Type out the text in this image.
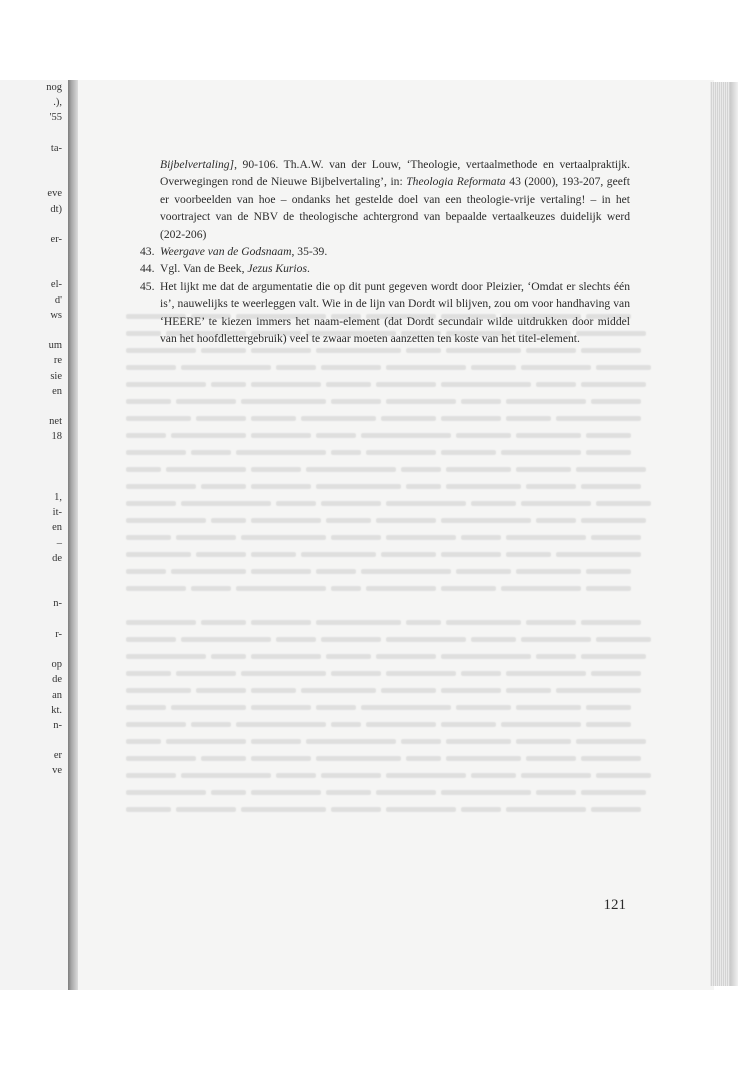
nog
.),
'55
ta-
eve
dt)
er-
el-
d'
ws
um
re
sie
en
net
18
1,
it-
en
–
de
n-
r-
op
de
an
kt.
n-
er
ve
Bijbelvertaling], 90-106. Th.A.W. van der Louw, ‘Theologie, vertaalmethode en vertaalpraktijk. Overwegingen rond de Nieuwe Bijbelvertaling’, in: Theologia Reformata 43 (2000), 193-207, geeft er voorbeelden van hoe – ondanks het gestelde doel van een theologie-vrije vertaling! – in het voortraject van de NBV de theologische achtergrond van bepaalde vertaalkeuzes duidelijk werd (202-206)
43. Weergave van de Godsnaam, 35-39.
44. Vgl. Van de Beek, Jezus Kurios.
45. Het lijkt me dat de argumentatie die op dit punt gegeven wordt door Pleizier, ‘Omdat er slechts één is’, nauwelijks te weerleggen valt. Wie in de lijn van Dordt wil blijven, zou om voor handhaving van ‘HEERE’ te kiezen immers het naam-element (dat Dordt secundair wilde uitdrukken door middel van het hoofdlettergebruik) veel te zwaar moeten aanzetten ten koste van het titel-element.
121
